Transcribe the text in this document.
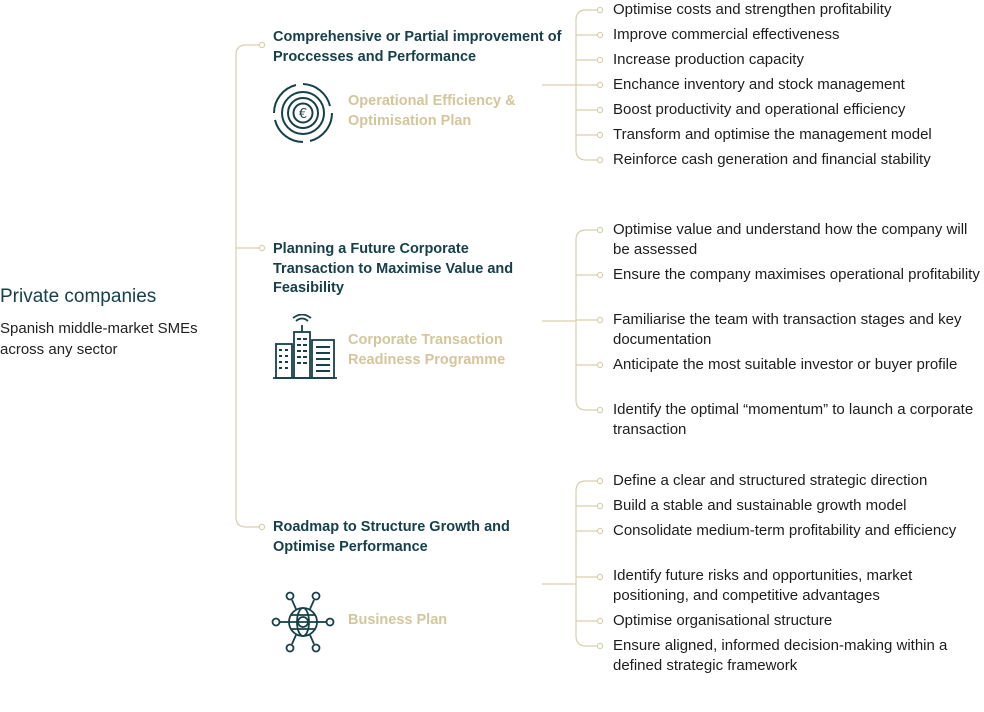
Private companies
Spanish middle-market SMEs across any sector
Comprehensive or Partial improvement of Proccesses and Performance
€
Operational Efficiency & Optimisation Plan
Optimise costs and strengthen profitability
Improve commercial effectiveness
Increase production capacity
Enchance inventory and stock management
Boost productivity and operational efficiency
Transform and optimise the management model
Reinforce cash generation and financial stability
Planning a Future Corporate Transaction to Maximise Value and Feasibility
Corporate Transaction Readiness Programme
Optimise value and understand how the company will be assessed
Ensure the company maximises operational profitability
Familiarise the team with transaction stages and key documentation
Anticipate the most suitable investor or buyer profile
Identify the optimal “momentum” to launch a corporate transaction
Roadmap to Structure Growth and Optimise Performance
Business Plan
Define a clear and structured strategic direction
Build a stable and sustainable growth model
Consolidate medium-term profitability and efficiency
Identify future risks and opportunities, market positioning, and competitive advantages
Optimise organisational structure
Ensure aligned, informed decision-making within a defined strategic framework
